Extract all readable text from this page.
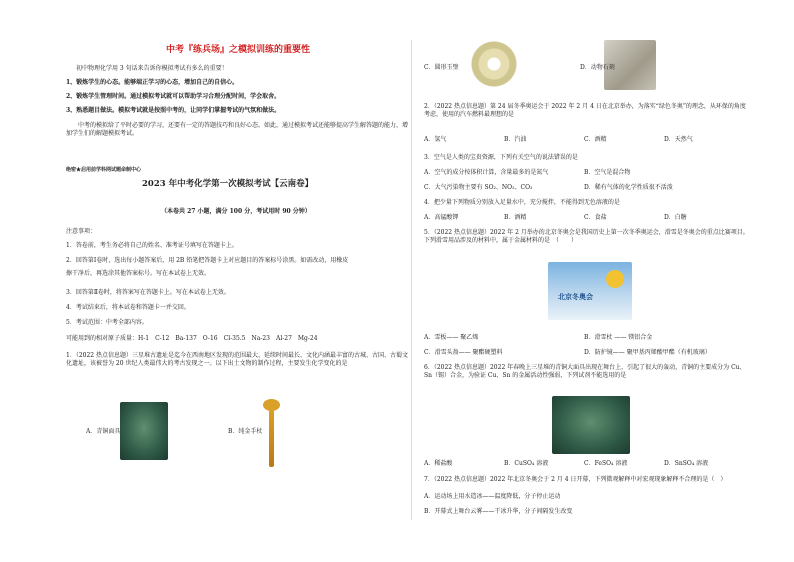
中考『练兵场』之模拟训练的重要性
初中物理化学用 3 句话来告诉你模拟考试有多么的重要！
1、锻炼学生的心态。能够端正学习的心态，增加自己的自信心。
2、锻炼学生管理时间。通过模拟考试就可以帮助学习合理分配时间，学会取舍。
3、熟悉题目做法。模拟考试就是按照中考的，让同学们掌握考试的气氛和做法。
中考的模拟给了平时必要的学习，还要有一定的答题技巧和良好心态。如此，通过模拟考试还能够提高学生解答题的能力，增加学生们的解题模拟考试。
绝密★启用前学科网试题命制中心
2023 年中考化学第一次模拟考试【云南卷】
（本卷共 27 小题，满分 100 分，考试用时 90 分钟）
注意事项：
1．答卷前，考生务必将自己的姓名、准考证号填写在答题卡上。
2．回答第Ⅰ卷时，选出每小题答案后，用 2B 铅笔把答题卡上对应题目的答案标号涂黑。如需改动，用橡皮
擦干净后，再选涂其他答案标号。写在本试卷上无效。
3．回答第Ⅱ卷时，将答案写在答题卡上。写在本试卷上无效。
4．考试结束后，将本试卷和答题卡一并交回。
5．考试范围：中考全部内容。
可能用到的相对原子质量：H-1　C-12　Ba-137　O-16　Cl-35.5　Na-23　Al-27　Mg-24
1．（2022 热点信息题）三星堆古遗址是迄今在西南地区发现的范围最大、延续时间最长、文化内涵最丰富的古城、古国、古蜀文化遗址，该被誉为 20 世纪人类最伟大的考古发现之一。以下出土文物的制作过程，主要发生化学变化的是
A．青铜面具	B．纯金手杖
C．圆形玉璧	D．动物石刻
2．（2022 热点信息题）第 24 届冬季奥运会于 2022 年 2 月 4 日在北京举办，为落实“绿色冬奥”的理念，从环保的角度考虑，使用的汽车燃料最理想的是
A．氢气	B．汽油	C．酒精	D．天然气
3．空气是人类的宝贵资源，下列有关空气的说法错误的是
A．空气的成分按体积计算，含量最多的是氮气	B．空气是混合物
C．大气污染物主要有 SO₂、NO₂、CO₂	D．稀有气体的化学性质很不活泼
4．把少量下列物质分别放入足量水中，充分搅拌，不能得到无色溶液的是
A．高锰酸钾	B．酒精	C．食盐	D．白糖
5．（2022 热点信息题）2022 年 2 月举办的北京冬奥会是我国历史上第一次冬季奥运会，滑雪是冬奥会的重点比赛项目。下列滑雪用品涉及的材料中，属于金属材料的是　（　　）
北京冬奥会
A．雪板—— 聚乙烯	B．滑雪杖 —— 镁铝合金
C．滑雪头盔—— 聚酯硬塑料	D．防护镜—— 聚甲基丙烯酸甲酯（有机玻璃）
6．（2022 热点信息题）2022 年春晚上三星堆的青铜大面具出现在舞台上，引起了很大的轰动，青铜的主要成分为 Cu、Sn（锡）合金，为验证 Cu、Sn 的金属活动性强弱，下列试剂不能选用的是
A．稀盐酸	B．CuSO₄ 溶液	C．FeSO₄ 溶液	D．SnSO₄ 溶液
7．（2022 热点信息题）2022 年北京冬奥会于 2 月 4 日开幕，下列微观解释中对宏观现象解释不合理的是（　）
A．运动场上用水造冰——温度降低，分子停止运动
B．开幕式上舞台云雾——干冰升华，分子间隔发生改变
